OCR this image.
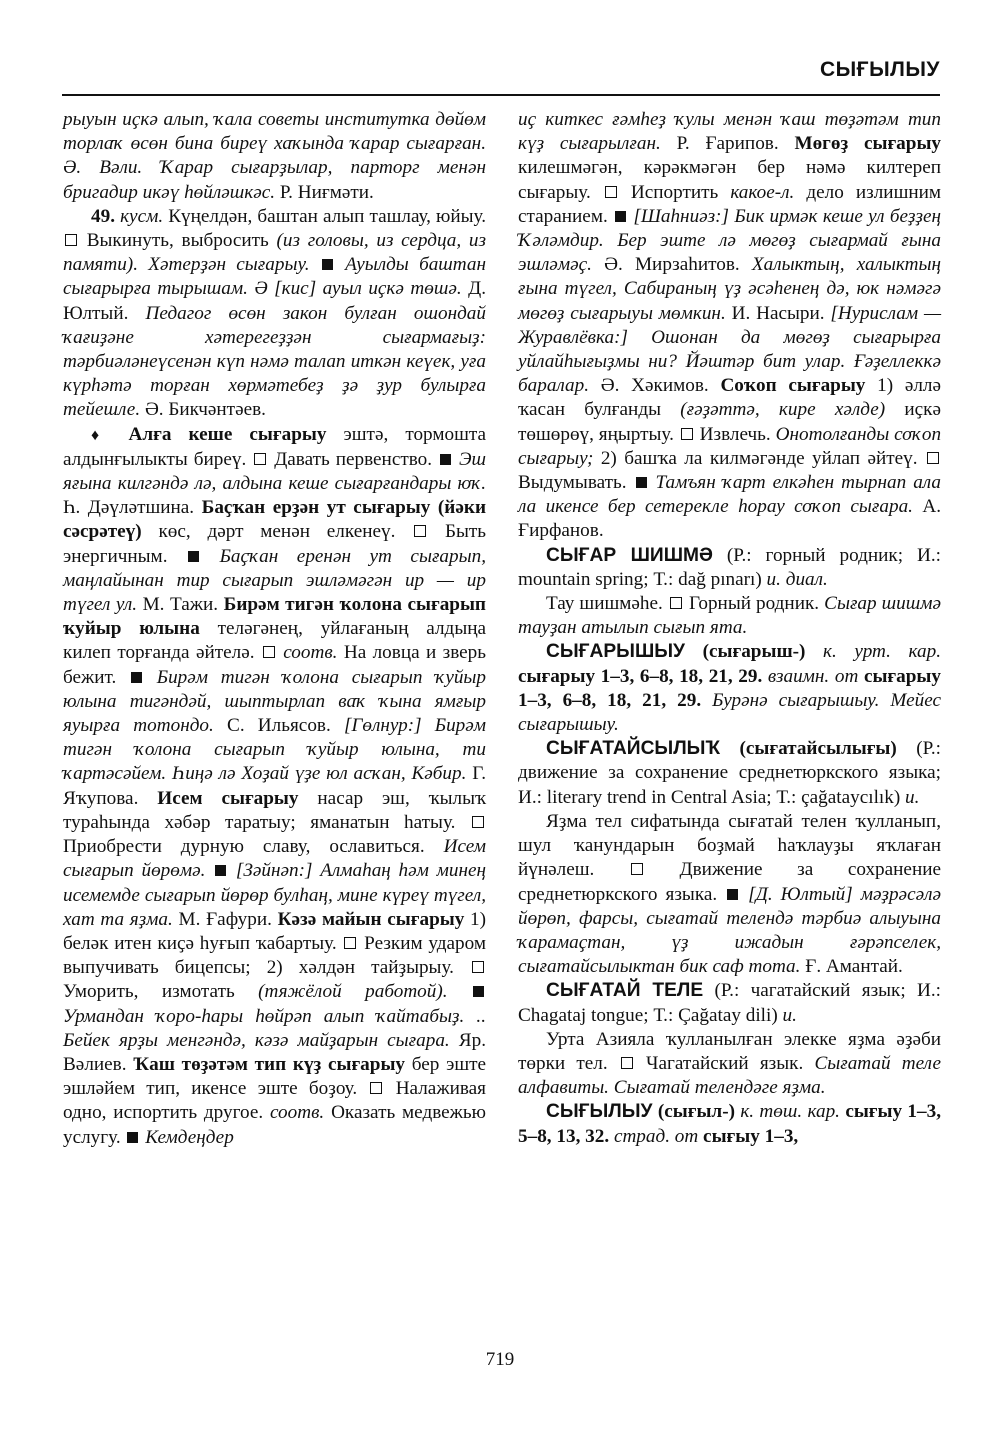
СЫҒЫЛЫУ

рыуын иҫкә алып, ҡала советы институтка дөйөм торлаҡ өсөн бина биреү хаҡында ҡарар сығарған. Ә. Вәли. Ҡарар сығарҙылар, парторг менән бригадир икәү һөйләшкәс. Р. Ниғмәти.

49. кусм. Күңелдән, баштан алып ташлау, юйыу.  Выкинуть, выбросить (из головы, из сердца, из памяти). Хәтерҙән сығарыу. Ауылды баштан сығарырға тырышам. Ә [кис] ауыл иҫкә төшә. Д. Юлтый. Педагог өсөн закон булған ошондай ҡағиҙәне хәтерегеҙҙән сығармағыҙ: тәрбиәләнеүсенән күп нәмә талап иткән кеүек, уға күрһәтә торған хөрмәтебеҙ ҙә ҙур булырға тейешле. Ә. Бикчәнтәев.

♦ Алға кеше сығарыу эштә, тормошта алдынғылыкты биреү. Давать первенство. Эш яғына килгәндә лә, алдына кеше сығарғандары юҡ. Һ. Дәүләтшина. Баҫҡан ерҙән ут сығарыу (йәки сәсрәтеү) көс, дәрт менән елкенеү.	Быть энергичным.	Баҫҡан еренән ут сығарып, маңлайынан тир сығарып эшләмәгән ир — ир түгел ул. М. Тажи. Бирәм тигән ҡолона сығарып ҡуйыр юлына теләгәнең, уйлағаның алдыңа килеп торғанда әйтелә. соотв. На ловца и зверь бежит. Бирәм тигән ҡолона сығарып ҡуйыр юлына тигәндәй, шыптырлап ваҡ ҡына ямғыр яуырға тотондо. С. Ильясов. [Гөлнур:] Бирәм тигән ҡолона сығарып ҡуйыр юлына, ти ҡартәсәйем. Һиңә лә Хоҙай үҙе юл асҡан, Кәбир. Г. Яҡупова. Исем сығарыу насар эш, ҡылыҡ тураһында хәбәр таратыу; яманатын һатыу.  Приобрести дурную славу, ославиться. Исем сығарып йөрөмә. [Зәйнәп:] Алмаһаң һәм минең исемемде сығарып йөрөр булһаң, мине күреү түгел, хат та яҙма. М. Ғафури. Кәзә майын сығарыу 1) беләк итен киҫә һуғып ҡабартыу. Резким ударом выпучивать бицепсы; 2) хәлдән тайҙырыу.  Уморить, измотать (тяжёлой работой).  Урмандан ҡоро-һары һөйрәп алып ҡайтабыҙ. .. Бейек ярҙы менгәндә, кәзә майҙарын сығара. Яр. Вәлиев. Ҡаш төҙәтәм тип күҙ сығарыу бер эште эшләйем тип, икенсе эште боҙоу. Налаживая одно, испортить другое. соотв. Оказать медвежью услугу. Кемдеңдер

иҫ киткес ғәмһеҙ ҡулы менән ҡаш төҙәтәм тип күҙ сығарылған. Р. Ғарипов. Мөгөҙ сығарыу килешмәгән, кәрәкмәгән бер нәмә килтереп сығарыу. Испортить какое-л. дело излишним старанием. [Шаһниәз:] Бик ирмәк кеше ул беҙҙең Ҡәләмдир. Бер эште лә мөгөҙ сығармай ғына эшләмәҫ. Ә. Мирзаһитов. Халыктың, халыктың ғына түгел, Сабираның үҙ әсәһенең дә, юк нәмәгә мөгөҙ сығарыуы мөмкин. И. Насыри. [Нурислам — Журавлёвка:] Ошонан да мөгөҙ сығарырға уйлайһығыҙмы ни? Йәштәр бит улар. Ғәҙеллеккә баралар. Ә. Хәкимов. Соҡоп сығарыу 1) әллә ҡасан булғанды (ғәҙәттә, кире хәлде) иҫкә төшөрөү, яңыртыу. Извлечь. Онотолғанды соҡоп сығарыу; 2) башҡа ла килмәгәнде уйлап әйтеү.  Выдумывать. Тамъян ҡарт елкәһен тырнап ала ла икенсе бер сетерекле һорау соҡоп сығара. А. Ғирфанов.

СЫҒАР ШИШМӘ (Р.: горный родник; И.: mountain spring; Т.: dağ pınarı) и. диал.

Тау шишмәһе. Горный родник. Сығар шишмә тауҙан атылып сығып ята.

СЫҒАРЫШЫУ (сығарыш-) к. урт. кар. сығарыу 1–3, 6–8, 18, 21, 29. взаимн. от сығарыу 1–3, 6–8, 18, 21, 29. Бурәнә сығарышыу. Мейес сығарышыу.

СЫҒАТАЙСЫЛЫҠ (сығатайсылығы) (Р.: движение за сохранение среднетюркского языка; И.: literary trend in Central Asia; Т.: çağataycılık) и.

Яҙма тел сифатында сығатай телен ҡулланып, шул ҡанундарын боҙмай һаҡлауҙы яҡлаған йүнәлеш.	Движение за сохранение среднетюркского языка. [Д. Юлтый] мәҙрәсәлә йөрөп, фарсы, сығатай телендә тәрбиә алыуына ҡарамаҫтан, үҙ ижадын ғәрәпселек, сығатайсылыктан бик саф тота. Ғ. Амантай.

СЫҒАТАЙ ТЕЛЕ (Р.: чагатайский язык; И.: Chagataj tongue; Т.: Çağatay dili) и.

Урта Азияла ҡулланылған элекке яҙма әҙәби төрки тел. Чагатайский язык. Сығатай теле алфавиты. Сығатай телендәге яҙма.

СЫҒЫЛЫУ (сығыл-) к. төш. кар. сығыу 1–3, 5–8, 13, 32. страд. от сығыу 1–3,

719
